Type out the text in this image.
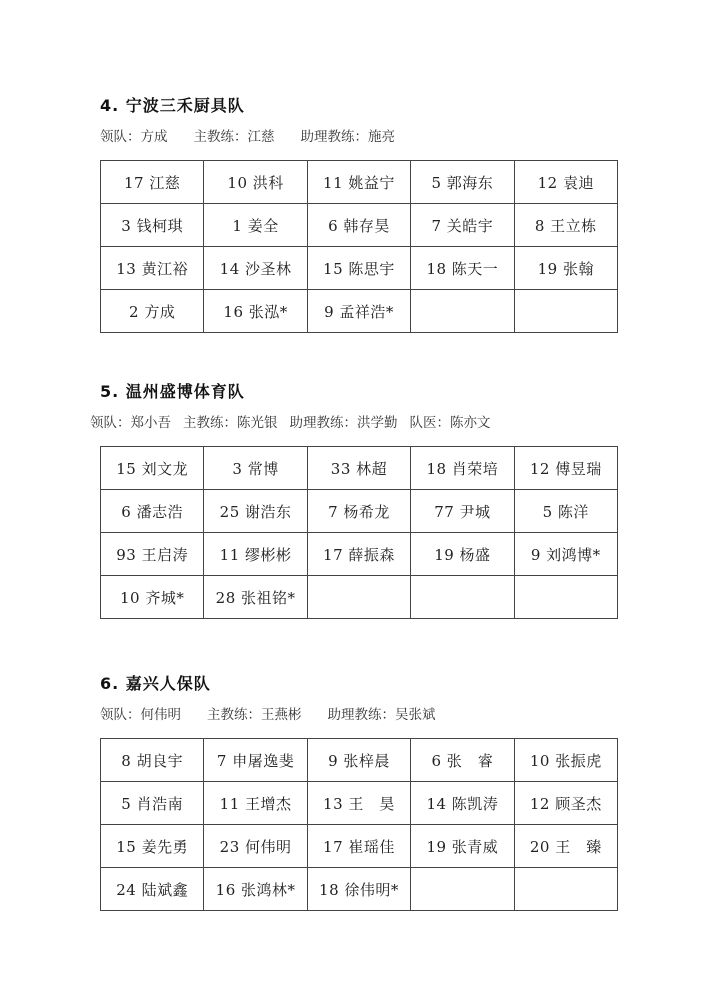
4. 宁波三禾厨具队
领队：方成 主教练：江慈 助理教练：施亮
17 江慈	10 洪科	11 姚益宁	5 郭海东	12 袁迪
3 钱柯琪	1 姜全	6 韩存昊	7 关皓宇	8 王立栋
13 黄江裕	14 沙圣林	15 陈思宇	18 陈天一	19 张翰
2 方成	16 张泓*	9 孟祥浩*		
5. 温州盛博体育队
领队：郑小吾 主教练：陈光银 助理教练：洪学勤 队医：陈亦文
15 刘文龙	3 常博	33 林超	18 肖荣培	12 傅昱瑞
6 潘志浩	25 谢浩东	7 杨希龙	77 尹城	5 陈洋
93 王启涛	11 缪彬彬	17 薛振森	19 杨盛	9 刘鸿博*
10 齐城*	28 张祖铭*			
6. 嘉兴人保队
领队：何伟明 主教练：王燕彬 助理教练：吴张斌
8 胡良宇	7 申屠逸斐	9 张梓晨	6 张　睿	10 张振虎
5 肖浩南	11 王增杰	13 王　昊	14 陈凯涛	12 顾圣杰
15 姜先勇	23 何伟明	17 崔瑶佳	19 张青威	20 王　臻
24 陆斌鑫	16 张鸿林*	18 徐伟明*		
